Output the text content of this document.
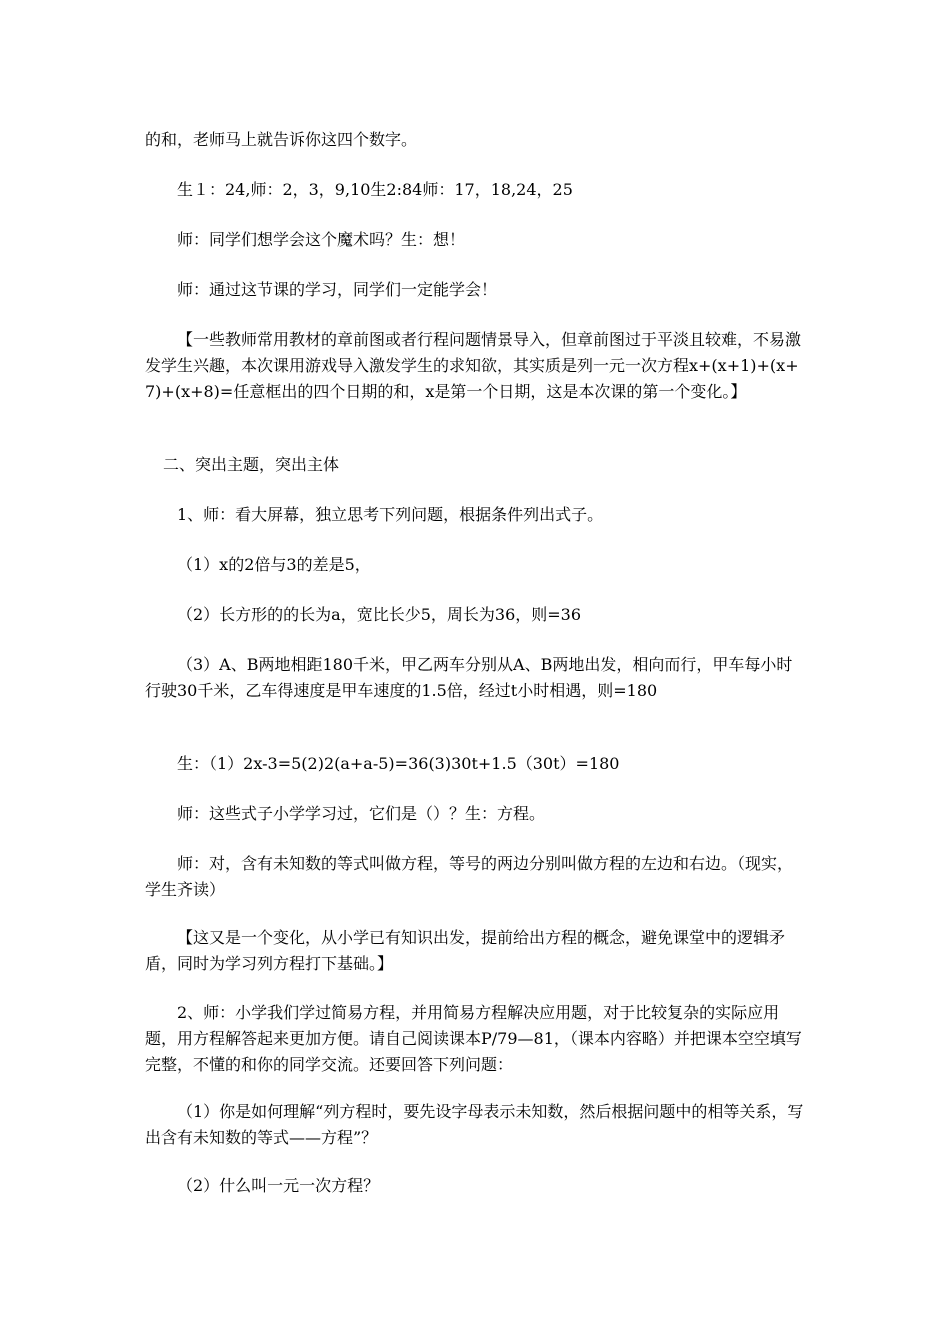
的和，老师马上就告诉你这四个数字。

生１：24,师：2，3，9,10生2:84师：17，18,24，25

师：同学们想学会这个魔术吗？生：想！

师：通过这节课的学习，同学们一定能学会！

【一些教师常用教材的章前图或者行程问题情景导入，但章前图过于平淡且较难，不易激发学生兴趣，本次课用游戏导入激发学生的求知欲，其实质是列一元一次方程x+(x+1)+(x+7)+(x+8)=任意框出的四个日期的和，x是第一个日期，这是本次课的第一个变化。】

二、突出主题，突出主体

1、师：看大屏幕，独立思考下列问题，根据条件列出式子。

（1）x的2倍与3的差是5，

（2）长方形的的长为a，宽比长少5，周长为36，则=36

（3）A、B两地相距180千米，甲乙两车分别从A、B两地出发，相向而行，甲车每小时行驶30千米，乙车得速度是甲车速度的1.5倍，经过t小时相遇，则=180

生：（1）2x-3=5(2)2(a+a-5)=36(3)30t+1.5（30t）=180

师：这些式子小学学习过，它们是（）？生：方程。

师：对，含有未知数的等式叫做方程，等号的两边分别叫做方程的左边和右边。（现实，学生齐读）

【这又是一个变化，从小学已有知识出发，提前给出方程的概念，避免课堂中的逻辑矛盾，同时为学习列方程打下基础。】

2、师：小学我们学过简易方程，并用简易方程解决应用题，对于比较复杂的实际应用题，用方程解答起来更加方便。请自己阅读课本P/79—81，（课本内容略）并把课本空空填写完整，不懂的和你的同学交流。还要回答下列问题：

（1）你是如何理解“列方程时，要先设字母表示未知数，然后根据问题中的相等关系，写出含有未知数的等式——方程”？

（2）什么叫一元一次方程？
